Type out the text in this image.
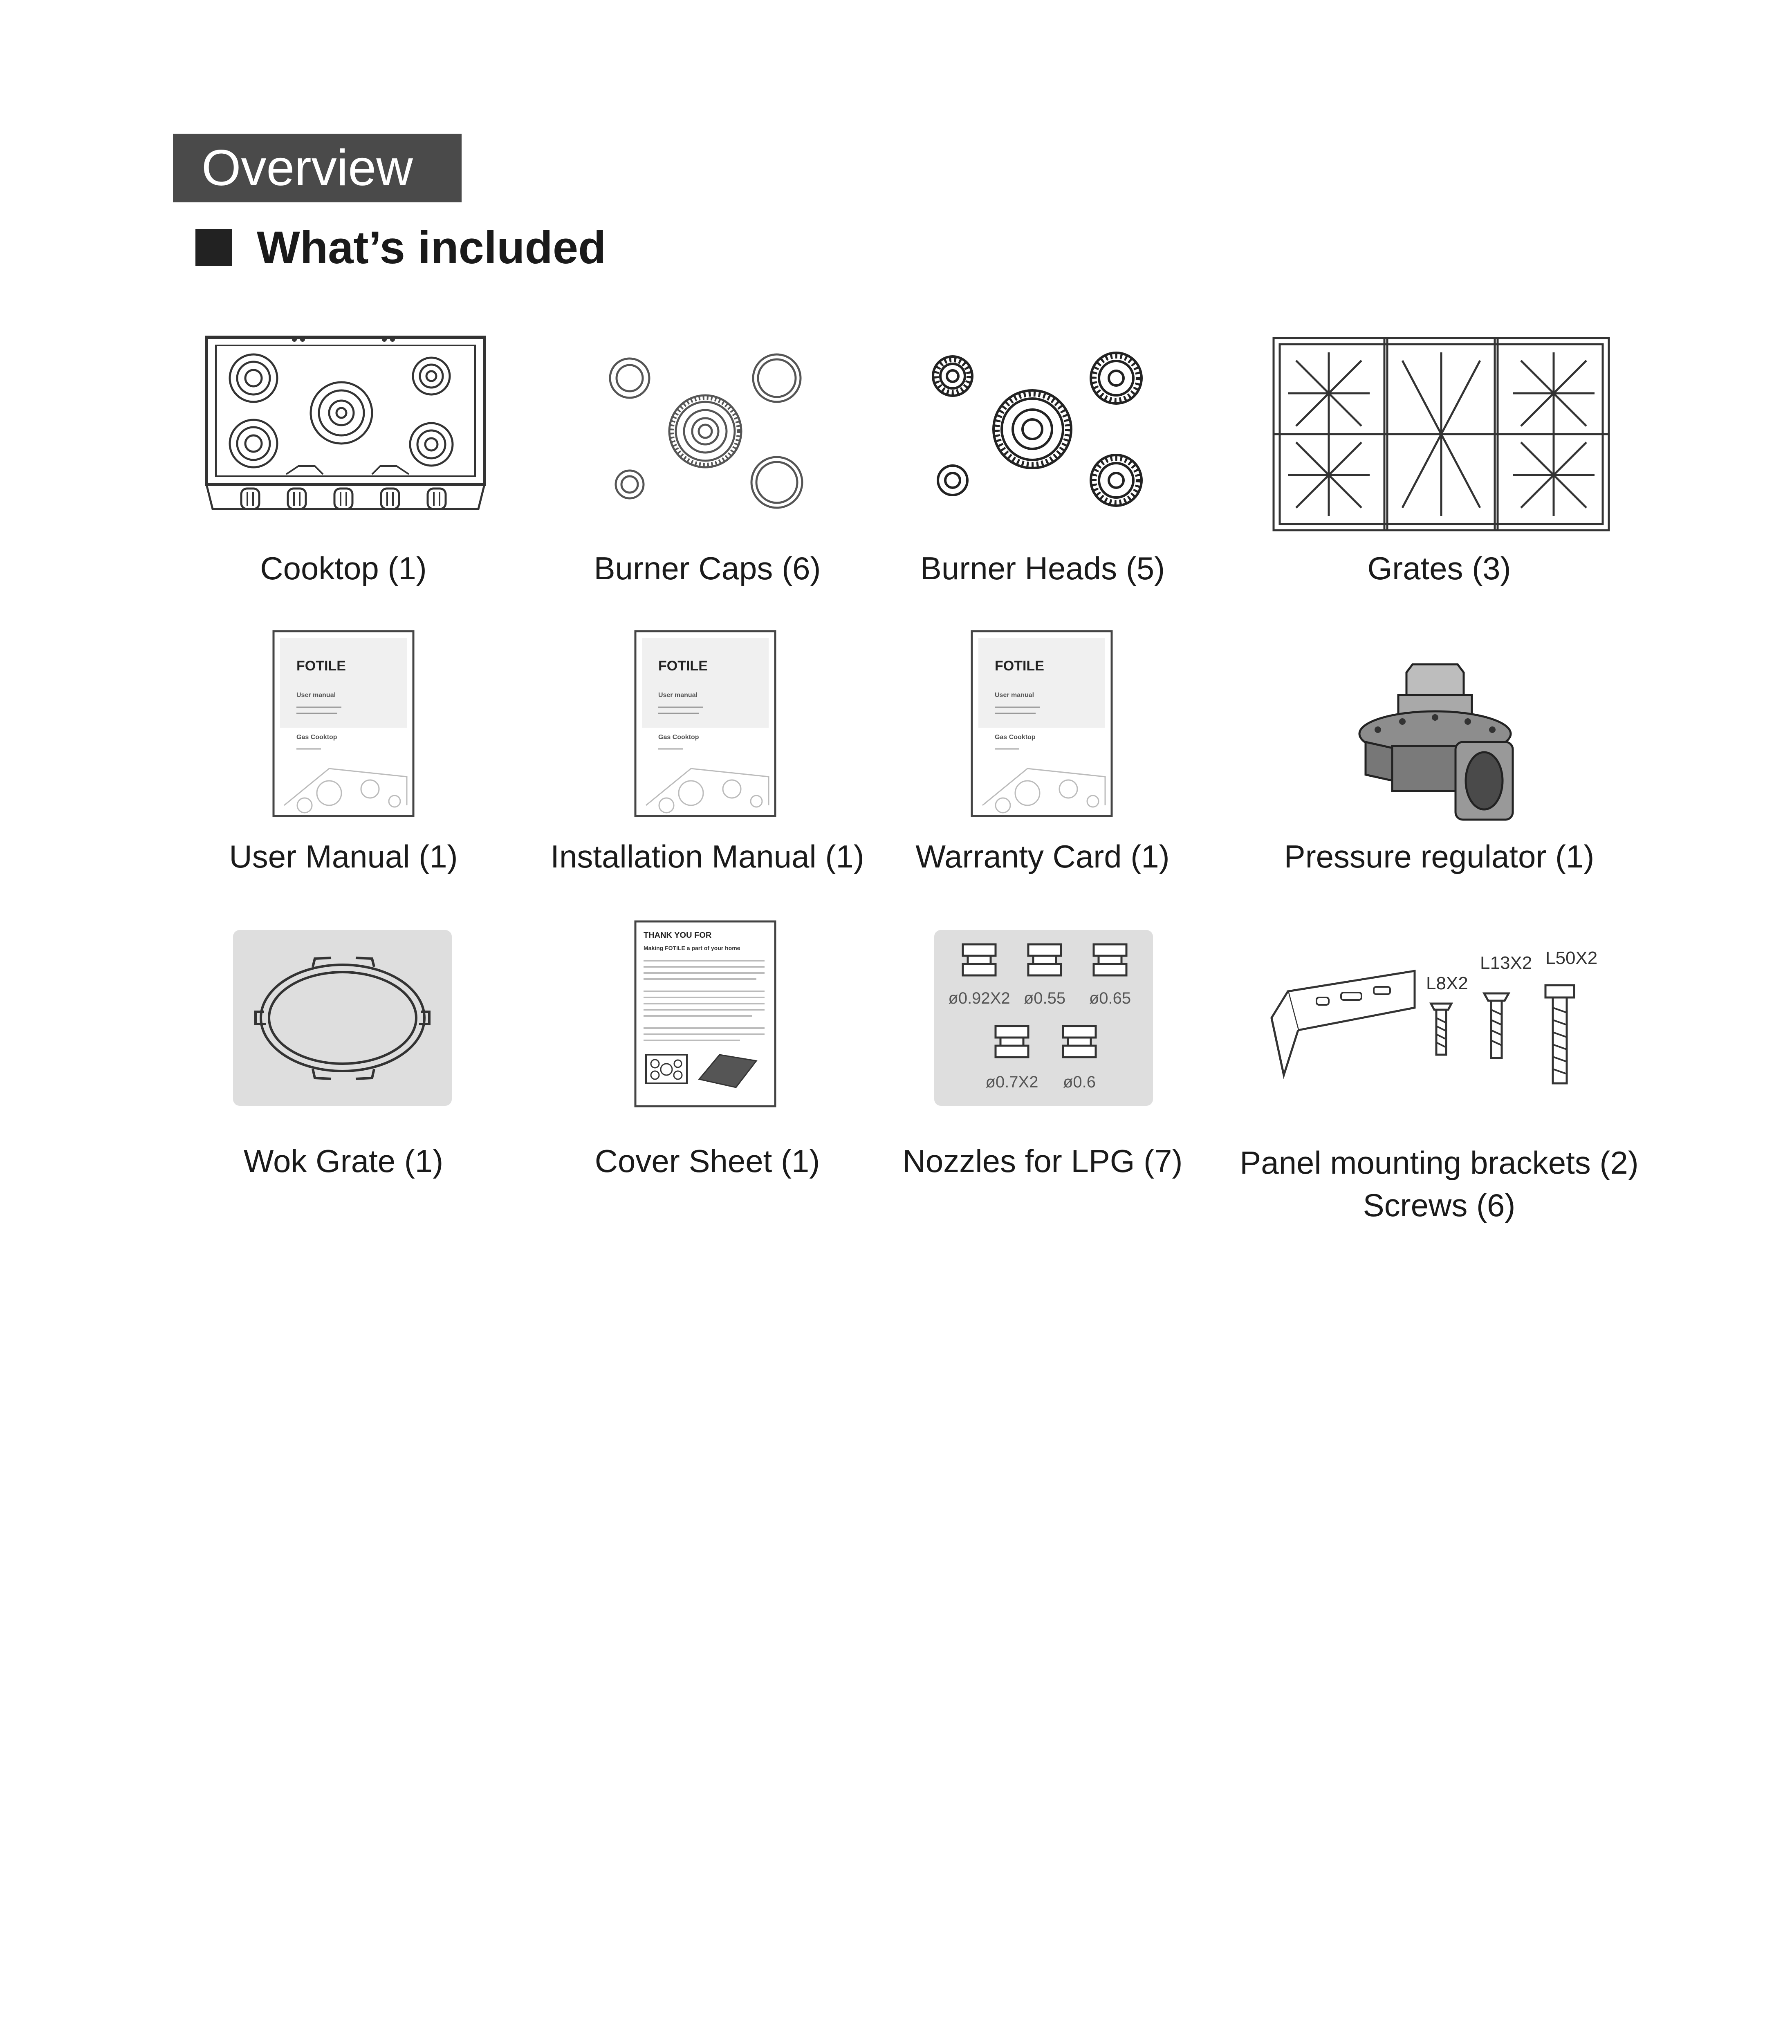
Overview
What’s included
Cooktop (1)	Burner Caps (6)	Burner Heads (5)	Grates (3)
FOTILE
User manual
Gas Cooktop
FOTILE
User manual
Gas Cooktop
FOTILE
User manual
Gas Cooktop
User Manual (1)	Installation Manual (1)	Warranty Card (1)	Pressure regulator (1)
THANK YOU FOR
Making FOTILE a part of your home
ø0.92X2 ø0.55 ø0.65
ø0.7X2 ø0.6
L8X2
L13X2 L50X2
Wok Grate (1)	Cover Sheet (1)	Nozzles for LPG (7)	Panel mounting brackets (2)
Screws (6)
